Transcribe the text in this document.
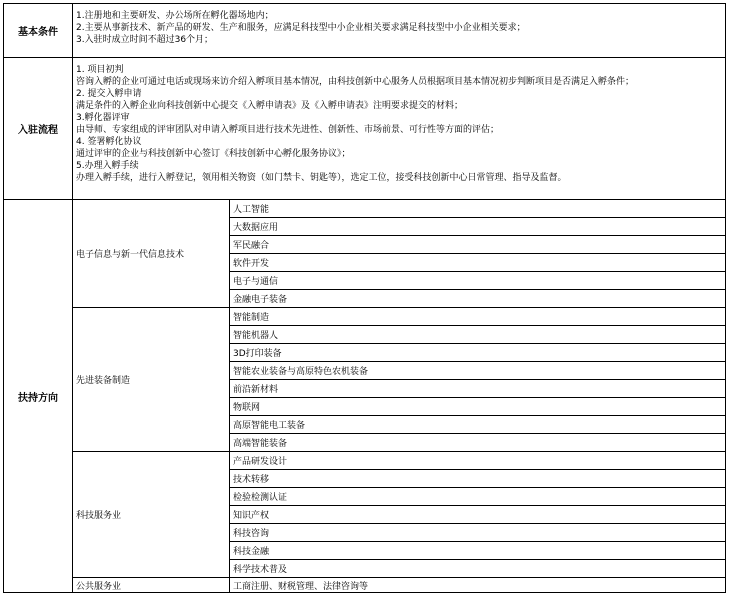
基本条件
1.注册地和主要研发、办公场所在孵化器场地内；
2.主要从事新技术、新产品的研发、生产和服务，应满足科技型中小企业相关要求满足科技型中小企业相关要求；
3.入驻时成立时间不超过36个月；
入驻流程
1. 项目初判
咨询入孵的企业可通过电话或现场来访介绍入孵项目基本情况，由科技创新中心服务人员根据项目基本情况初步判断项目是否满足入孵条件；
2. 提交入孵申请
满足条件的入孵企业向科技创新中心提交《入孵申请表》及《入孵申请表》注明要求提交的材料；
3.孵化器评审
由导师、专家组成的评审团队对申请入孵项目进行技术先进性、创新性、市场前景、可行性等方面的评估；
4. 签署孵化协议
通过评审的企业与科技创新中心签订《科技创新中心孵化服务协议》；
5.办理入孵手续
办理入孵手续，进行入孵登记，领用相关物资（如门禁卡、钥匙等），选定工位，接受科技创新中心日常管理、指导及监督。
扶持方向
电子信息与新一代信息技术
人工智能
大数据应用
军民融合
软件开发
电子与通信
金融电子装备
先进装备制造
智能制造
智能机器人
3D打印装备
智能农业装备与高原特色农机装备
前沿新材料
物联网
高原智能电工装备
高端智能装备
科技服务业
产品研发设计
技术转移
检验检测认证
知识产权
科技咨询
科技金融
科学技术普及
公共服务业	工商注册、财税管理、法律咨询等
